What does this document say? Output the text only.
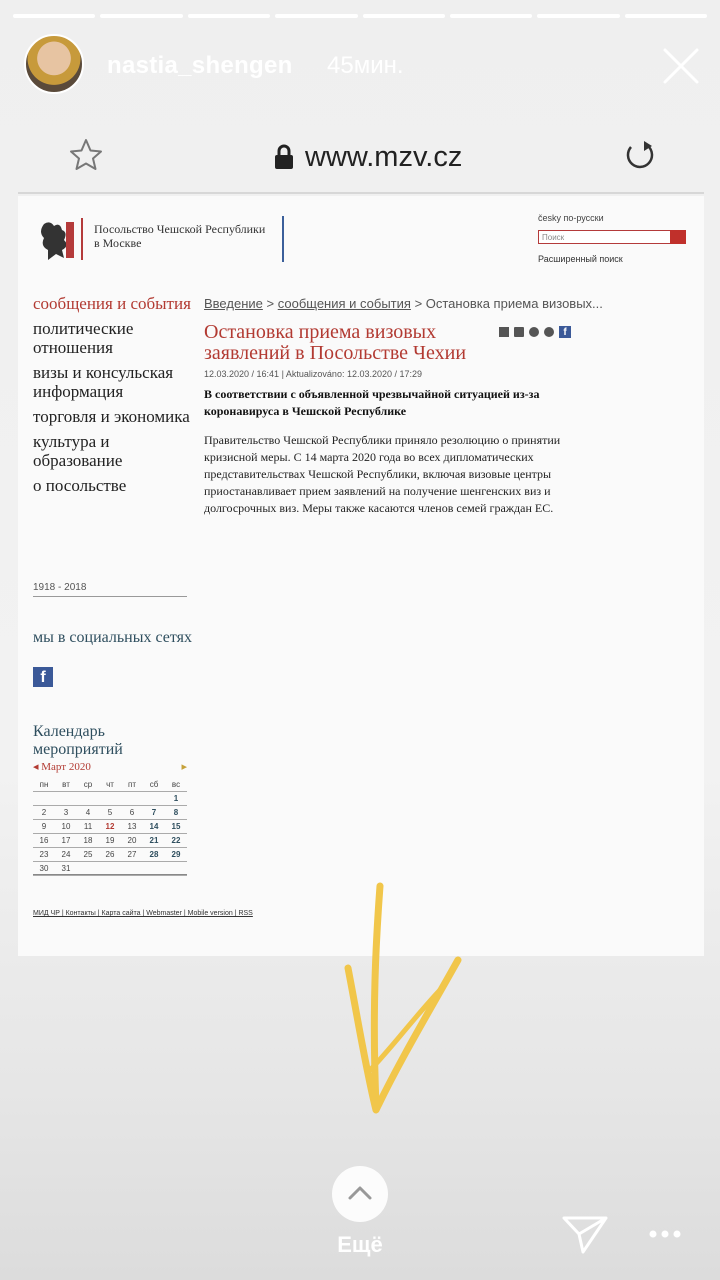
nastia_shengen 45мин.
www.mzv.cz
Посольство Чешской Республики
в Москве
česky по-русски
Поиск
Расширенный поиск
сообщения и события
политические отношения
визы и консульская информация
торговля и экономика
культура и образование
о посольстве
1918 - 2018
мы в социальных сетях
f
Календарь мероприятий
◂ Март 2020	▸
пн	вт	ср	чт	пт	сб	вс
						1
2	3	4	5	6	7	8
9	10	11	12	13	14	15
16	17	18	19	20	21	22
23	24	25	26	27	28	29
30	31					
МИД ЧР | Контакты | Карта сайта | Webmaster | Mobile version | RSS
Введение > сообщения и события > Остановка приема визовых...
Остановка приема визовых заявлений в Посольстве Чехии
f
12.03.2020 / 16:41 | Aktualizováno: 12.03.2020 / 17:29
В соответствии с объявленной чрезвычайной ситуацией из-за коронавируса в Чешской Республике
Правительство Чешской Республики приняло резолюцию о принятии кризисной меры. С 14 марта 2020 года во всех дипломатических представительствах Чешской Республики, включая визовые центры приостанавливает прием заявлений на получение шенгенских виз и долгосрочных виз. Меры также касаются членов семей граждан ЕС.
Ещё
